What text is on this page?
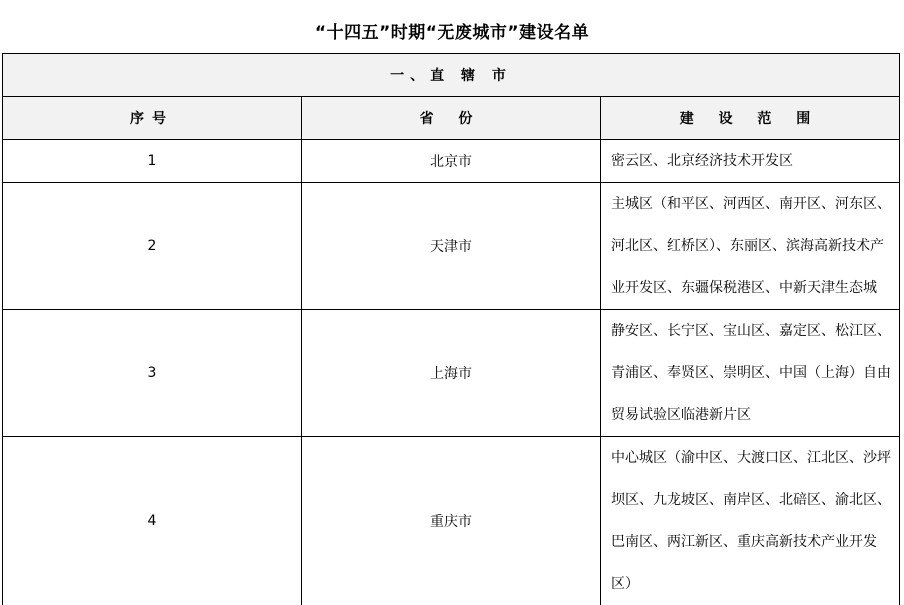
“十四五”时期“无废城市”建设名单
一、直 辖 市		
序号	省 份	建 设 范 围
1	北京市	密云区、北京经济技术开发区
2	天津市	主城区（和平区、河西区、南开区、河东区、河北区、红桥区）、东丽区、滨海高新技术产业开发区、东疆保税港区、中新天津生态城
3	上海市	静安区、长宁区、宝山区、嘉定区、松江区、青浦区、奉贤区、崇明区、中国（上海）自由贸易试验区临港新片区
4	重庆市	中心城区（渝中区、大渡口区、江北区、沙坪坝区、九龙坡区、南岸区、北碚区、渝北区、巴南区、两江新区、重庆高新技术产业开发区）
